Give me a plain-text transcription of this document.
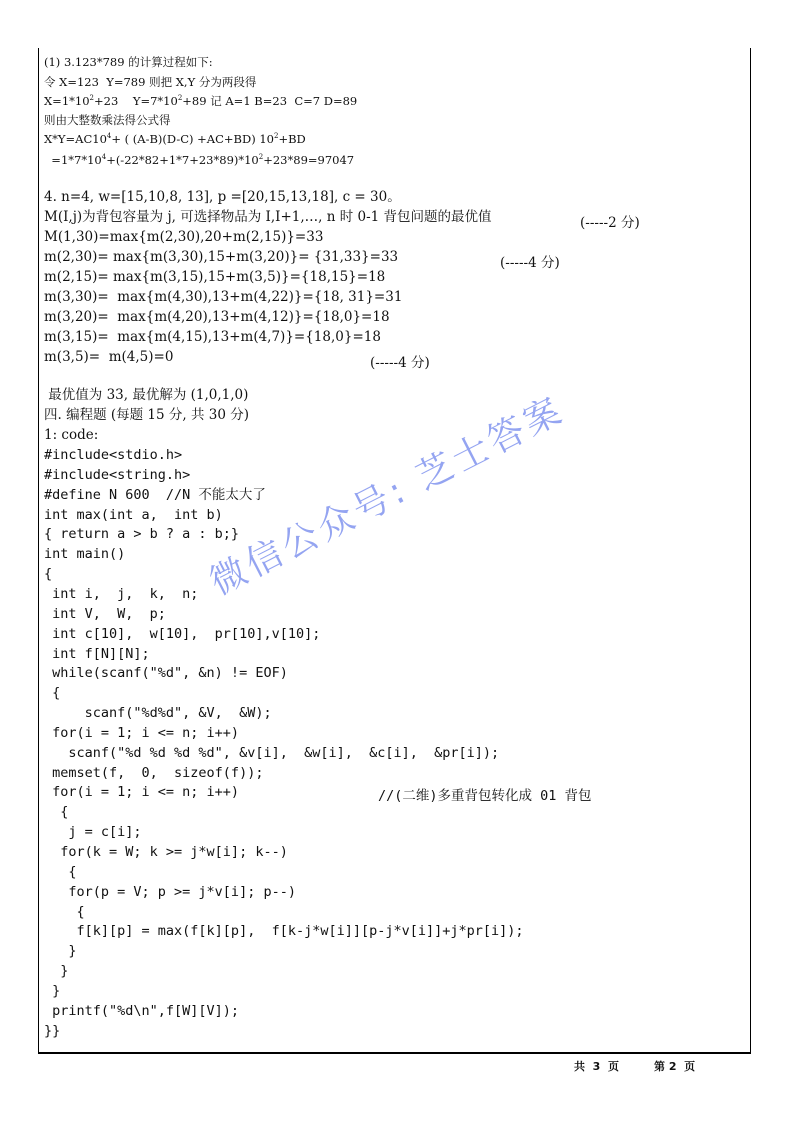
(1) 3.123*789 的计算过程如下:
令 X=123  Y=789 则把 X,Y 分为两段得
$X=1*10^2+23$    $Y=7*10^2+89$ 记 A=1 B=23  C=7 D=89
则由大整数乘法得公式得
$X*Y=AC10^4+$ ( (A-B)(D-C) +AC+BD) $10^2+BD$
$=1*7*10^4+(-22*82+1*7+23*89)*10^2+23*89=97047$
4. n=4, w=[15,10,8, 13], p =[20,15,13,18], c = 30。
M(I,j)为背包容量为 j, 可选择物品为 I,I+1,…, n 时 0-1 背包问题的最优值	(-----2 分)
M(1,30)=max{m(2,30),20+m(2,15)}=33
m(2,30)= max{m(3,30),15+m(3,20)}= {31,33}=33	(-----4 分)
m(2,15)= max{m(3,15),15+m(3,5)}={18,15}=18
m(3,30)=  max{m(4,30),13+m(4,22)}={18, 31}=31
m(3,20)=  max{m(4,20),13+m(4,12)}={18,0}=18
m(3,15)=  max{m(4,15),13+m(4,7)}={18,0}=18
m(3,5)=  m(4,5)=0	(-----4 分)
最优值为 33, 最优解为 (1,0,1,0)
四. 编程题 (每题 15 分, 共 30 分)
1: code:
#include<stdio.h>
#include<string.h>
#define N 600  //N 不能太大了
int max(int a,  int b)
{ return a > b ? a : b;}
int main()
{
int i,  j,  k,  n;
int V,  W,  p;
int c[10],  w[10],  pr[10],v[10];
int f[N][N];
while(scanf("%d", &n) != EOF)
{
scanf("%d%d", &V,  &W);
for(i = 1; i <= n; i++)
scanf("%d %d %d %d", &v[i],  &w[i],  &c[i],  &pr[i]);
memset(f,  0,  sizeof(f));
for(i = 1; i <= n; i++)
{
j = c[i];
for(k = W; k >= j*w[i]; k--)
{
for(p = V; p >= j*v[i]; p--)
{
f[k][p] = max(f[k][p],  f[k-j*w[i]][p-j*v[i]]+j*pr[i]);
}
}
}
printf("%d\n",f[W][V]);
}}
//(二维)多重背包转化成 01 背包
微信公众号: 芝士答案
共  3  页	第 2  页
